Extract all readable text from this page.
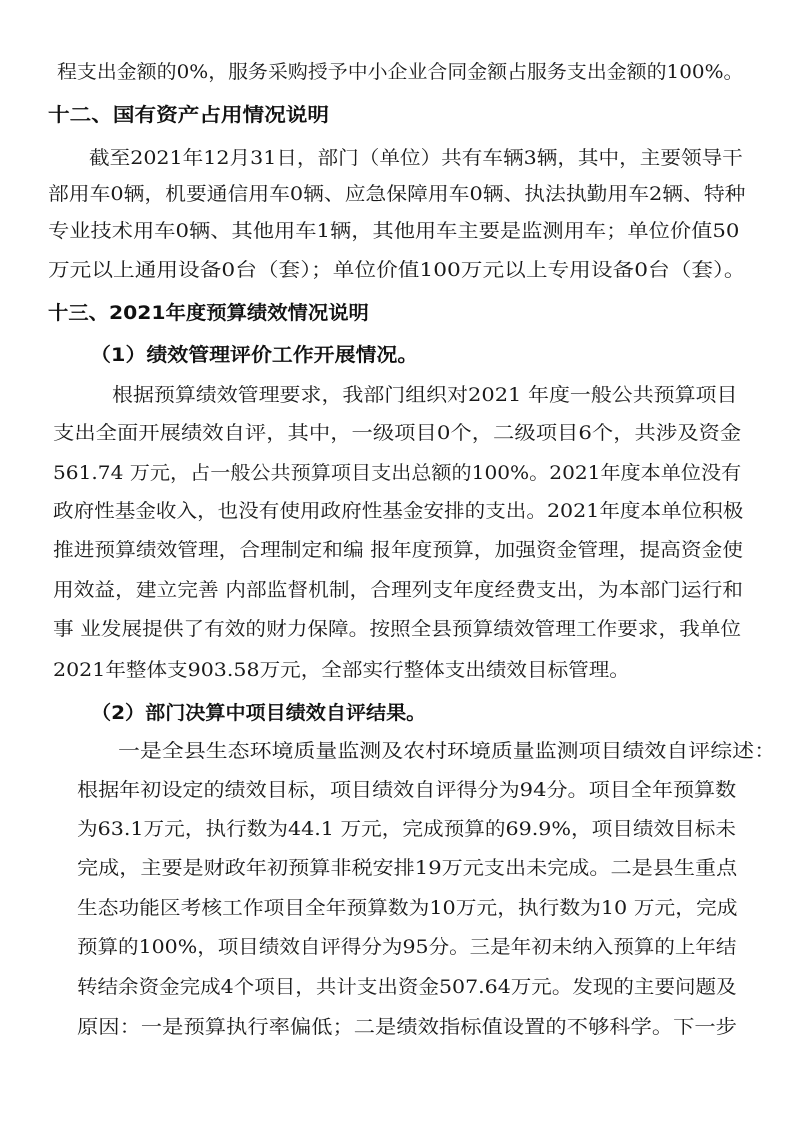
程支出金额的0%，服务采购授予中小企业合同金额占服务支出金额的100%。

十二、国有资产占用情况说明

截至2021年12月31日，部门（单位）共有车辆3辆，其中，主要领导干

部用车0辆，机要通信用车0辆、应急保障用车0辆、执法执勤用车2辆、特种

专业技术用车0辆、其他用车1辆，其他用车主要是监测用车；单位价值50

万元以上通用设备0台（套）；单位价值100万元以上专用设备0台（套）。

十三、2021年度预算绩效情况说明

（1）绩效管理评价工作开展情况。

根据预算绩效管理要求，我部门组织对2021 年度一般公共预算项目

支出全面开展绩效自评，其中，一级项目0个，二级项目6个，共涉及资金

561.74 万元，占一般公共预算项目支出总额的100%。2021年度本单位没有

政府性基金收入，也没有使用政府性基金安排的支出。2021年度本单位积极

推进预算绩效管理，合理制定和编 报年度预算，加强资金管理，提高资金使

用效益，建立完善 内部监督机制，合理列支年度经费支出，为本部门运行和

事 业发展提供了有效的财力保障。按照全县预算绩效管理工作要求，我单位

2021年整体支903.58万元，全部实行整体支出绩效目标管理。

（2）部门决算中项目绩效自评结果。

一是全县生态环境质量监测及农村环境质量监测项目绩效自评综述：

根据年初设定的绩效目标，项目绩效自评得分为94分。项目全年预算数

为63.1万元，执行数为44.1 万元，完成预算的69.9%，项目绩效目标未

完成，主要是财政年初预算非税安排19万元支出未完成。二是县生重点

生态功能区考核工作项目全年预算数为10万元，执行数为10 万元，完成

预算的100%，项目绩效自评得分为95分。三是年初未纳入预算的上年结

转结余资金完成4个项目，共计支出资金507.64万元。发现的主要问题及

原因：一是预算执行率偏低；二是绩效指标值设置的不够科学。下一步
